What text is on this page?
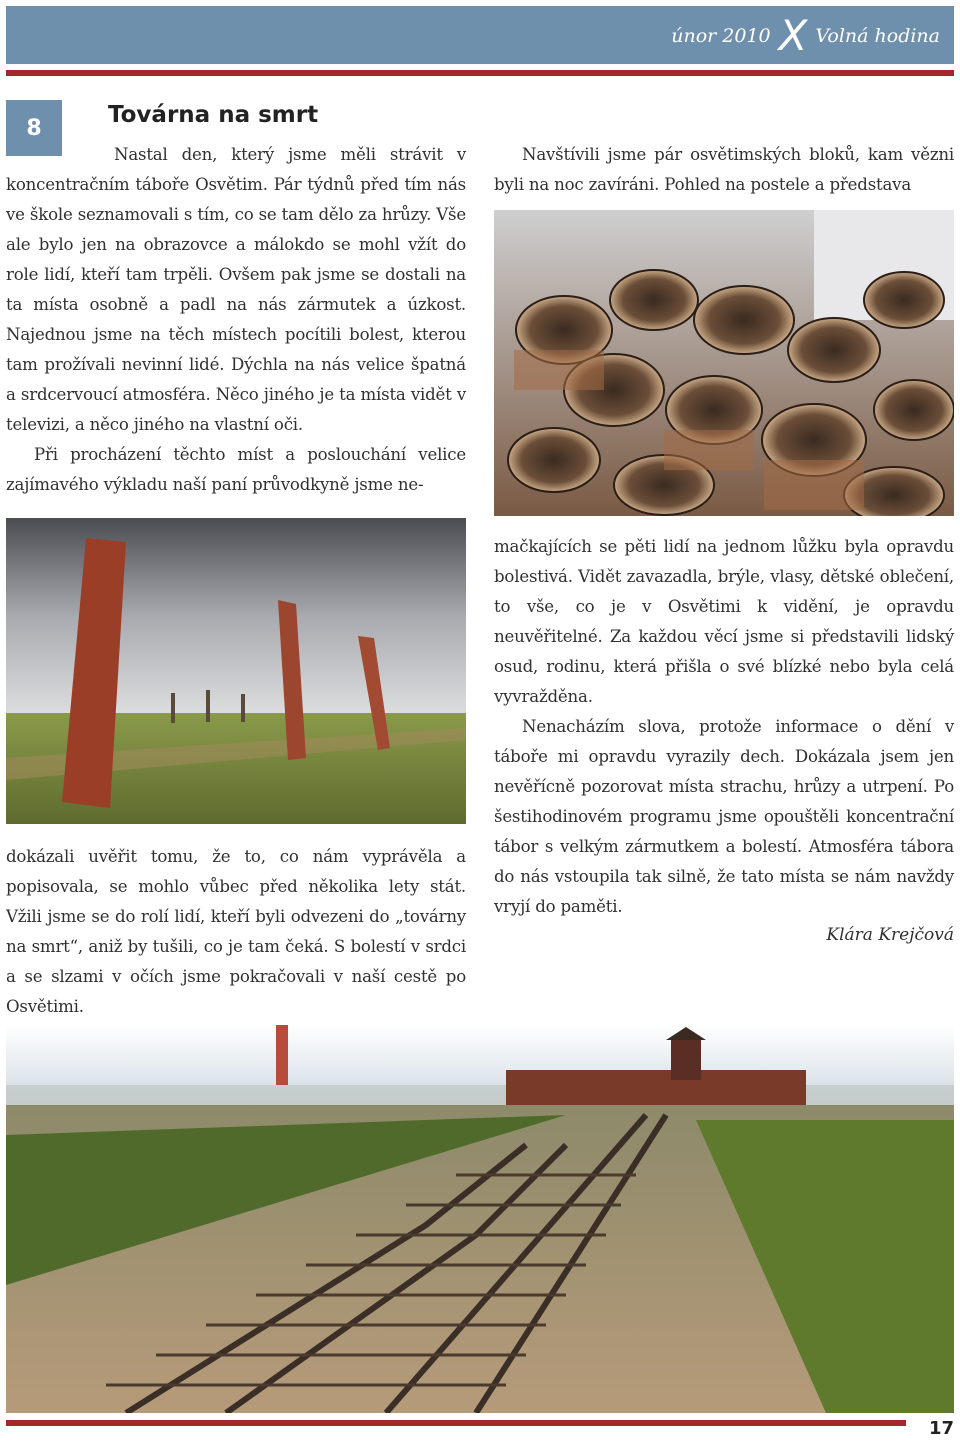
únor 2010 X Volná hodina
8	Továrna na smrt

Nastal den, který jsme měli strávit v koncentračním táboře Osvětim. Pár týdnů před tím nás ve škole seznamovali s tím, co se tam dělo za hrůzy. Vše ale bylo jen na obrazovce a málokdo se mohl vžít do role lidí, kteří tam trpěli. Ovšem pak jsme se dostali na ta místa osobně a padl na nás zármutek a úzkost. Najednou jsme na těch místech pocítili bolest, kterou tam prožívali nevinní lidé. Dýchla na nás velice špatná a srdcervoucí atmosféra. Něco jiného je ta místa vidět v televizi, a něco jiného na vlastní oči.

Při procházení těchto míst a poslouchání velice zajímavého výkladu naší paní průvodkyně jsme ne-

Navštívili jsme pár osvětimských bloků, kam vězni byli na noc zavíráni. Pohled na postele a představa

mačkajících se pěti lidí na jednom lůžku byla opravdu bolestivá. Vidět zavazadla, brýle, vlasy, dětské oblečení, to vše, co je v Osvětimi k vidění, je opravdu neuvěřitelné. Za každou věcí jsme si představili lidský osud, rodinu, která přišla o své blízké nebo byla celá vyvražděna.

Nenacházím slova, protože informace o dění v táboře mi opravdu vyrazily dech. Dokázala jsem jen nevěřícně pozorovat místa strachu, hrůzy a utrpení. Po šestihodinovém programu jsme opouštěli koncentrační tábor s velkým zármutkem a bolestí. Atmosféra tábora do nás vstoupila tak silně, že tato místa se nám navždy vryjí do paměti.

Klára Krejčová

dokázali uvěřit tomu, že to, co nám vyprávěla a popisovala, se mohlo vůbec před několika lety stát. Vžili jsme se do rolí lidí, kteří byli odvezeni do „továrny na smrt“, aniž by tušili, co je tam čeká. S bolestí v srdci a se slzami v očích jsme pokračovali v naší cestě po Osvětimi.

17
